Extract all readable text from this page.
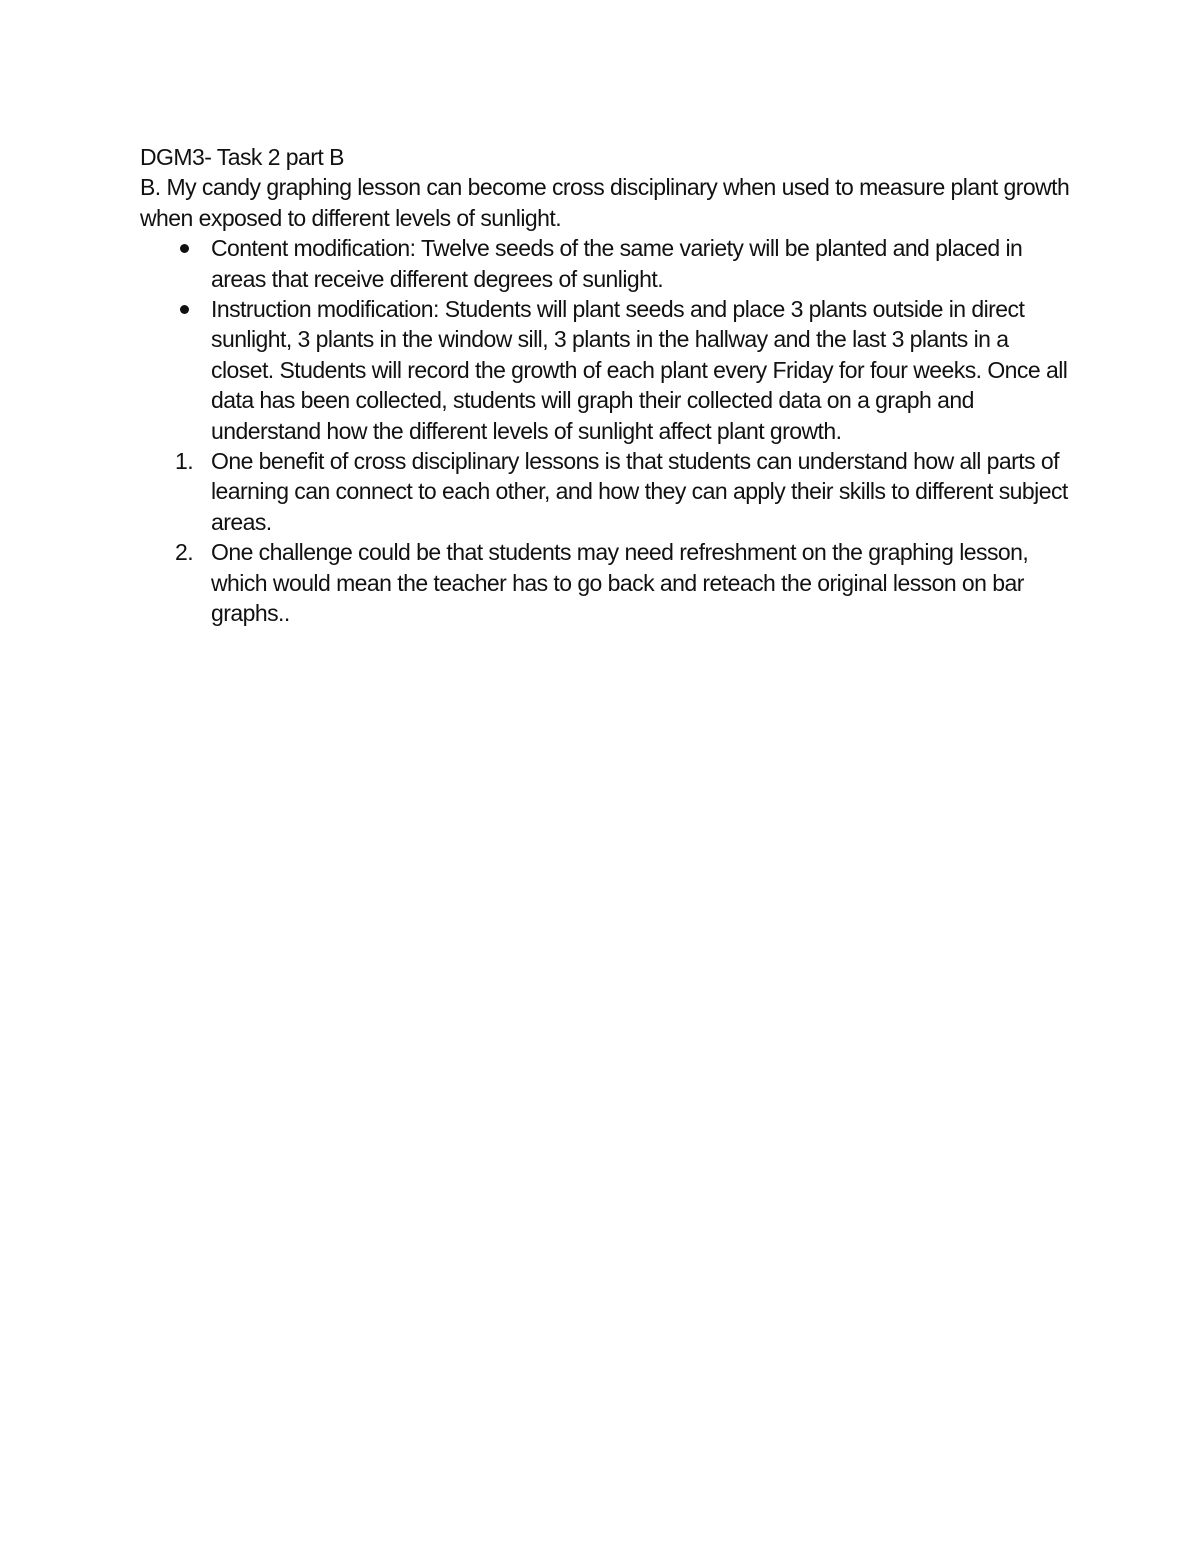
DGM3- Task 2 part B

B. My candy graphing lesson can become cross disciplinary when used to measure plant growth when exposed to different levels of sunlight.

Content modification: Twelve seeds of the same variety will be planted and placed in areas that receive different degrees of sunlight.
Instruction modification: Students will plant seeds and place 3 plants outside in direct sunlight, 3 plants in the window sill, 3 plants in the hallway and the last 3 plants in a closet. Students will record the growth of each plant every Friday for four weeks. Once all data has been collected, students will graph their collected data on a graph and understand how the different levels of sunlight affect plant growth.
1. One benefit of cross disciplinary lessons is that students can understand how all parts of learning can connect to each other, and how they can apply their skills to different subject areas.
2. One challenge could be that students may need refreshment on the graphing lesson, which would mean the teacher has to go back and reteach the original lesson on bar graphs..
